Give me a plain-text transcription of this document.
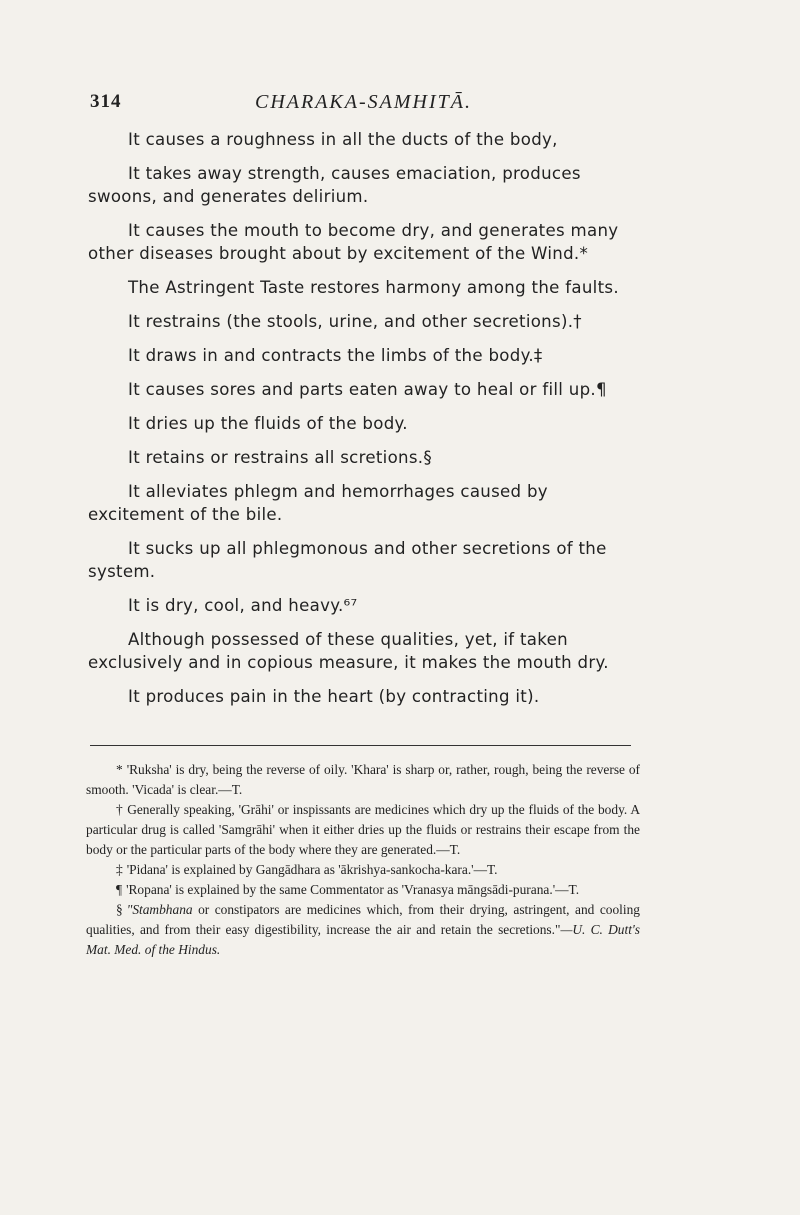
314	CHARAKA-SAMHITĀ.

It causes a roughness in all the ducts of the body,

It takes away strength, causes emaciation, produces swoons, and generates delirium.

It causes the mouth to become dry, and generates many other diseases brought about by excitement of the Wind.*

The Astringent Taste restores harmony among the faults.

It restrains (the stools, urine, and other secretions).†

It draws in and contracts the limbs of the body.‡

It causes sores and parts eaten away to heal or fill up.¶

It dries up the fluids of the body.

It retains or restrains all scretions.§

It alleviates phlegm and hemorrhages caused by excitement of the bile.

It sucks up all phlegmonous and other secretions of the system.

It is dry, cool, and heavy.⁶⁷

Although possessed of these qualities, yet, if taken exclusively and in copious measure, it makes the mouth dry.

It produces pain in the heart (by contracting it).

* 'Ruksha' is dry, being the reverse of oily. 'Khara' is sharp or, rather, rough, being the reverse of smooth. 'Vicada' is clear.—T.

† Generally speaking, 'Grāhi' or inspissants are medicines which dry up the fluids of the body. A particular drug is called 'Samgrāhi' when it either dries up the fluids or restrains their escape from the body or the particular parts of the body where they are generated.—T.

‡ 'Pidana' is explained by Gangādhara as 'ākrishya-sankocha-kara.'—T.

¶ 'Ropana' is explained by the same Commentator as 'Vranasya māngsādi-purana.'—T.

§ "Stambhana or constipators are medicines which, from their drying, astringent, and cooling qualities, and from their easy digestibility, increase the air and retain the secretions."—U. C. Dutt's Mat. Med. of the Hindus.
